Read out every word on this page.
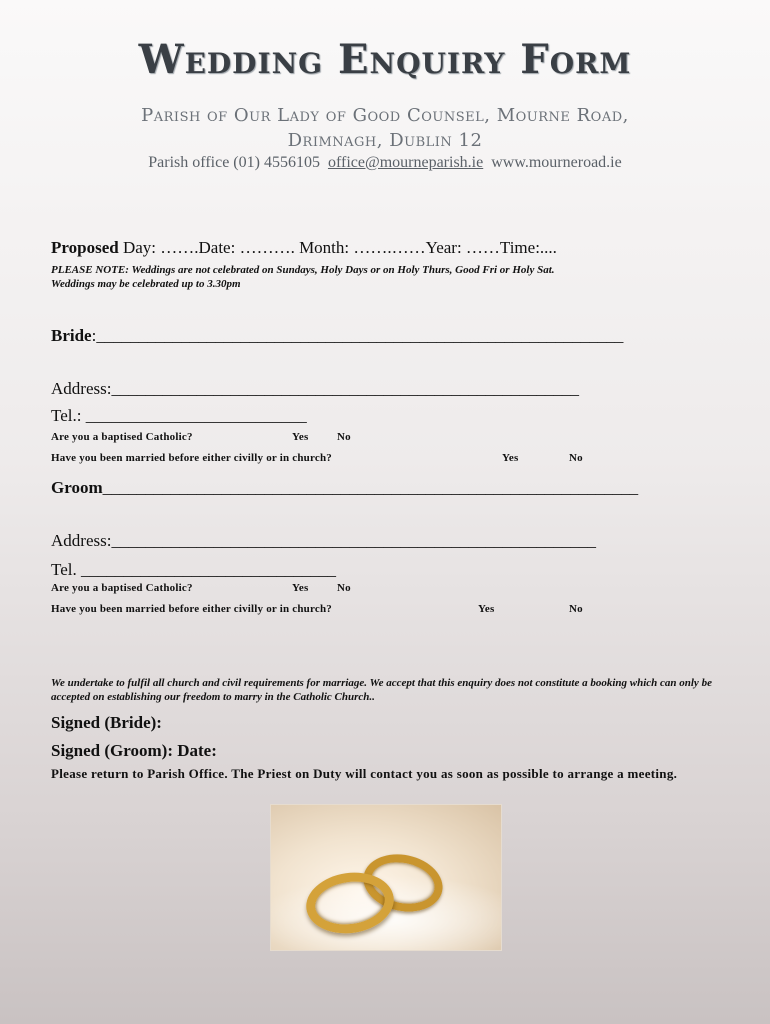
Wedding Enquiry Form
Parish of Our Lady of Good Counsel, Mourne Road,
Drimnagh, Dublin 12
Parish office (01) 4556105 office@mourneparish.ie www.mourneroad.ie
Proposed Day: …….Date: ………. Month: …….……Year: ……Time:....
PLEASE NOTE: Weddings are not celebrated on Sundays, Holy Days or on Holy Thurs, Good Fri or Holy Sat.
Weddings may be celebrated up to 3.30pm
Bride:______________________________________________________________
Address:_______________________________________________________
Tel.: __________________________
Are you a baptised Catholic?	Yes	No
Have you been married before either civilly or in church?	Yes	No
Groom_______________________________________________________________
Address:_________________________________________________________
Tel. ______________________________
Are you a baptised Catholic?	Yes	No
Have you been married before either civilly or in church?	Yes	No
We undertake to fulfil all church and civil requirements for marriage. We accept that this enquiry does not constitute a booking which can only be accepted on establishing our freedom to marry in the Catholic Church..
Signed (Bride):
Signed (Groom): Date:
Please return to Parish Office. The Priest on Duty will contact you as soon as possible to arrange a meeting.
